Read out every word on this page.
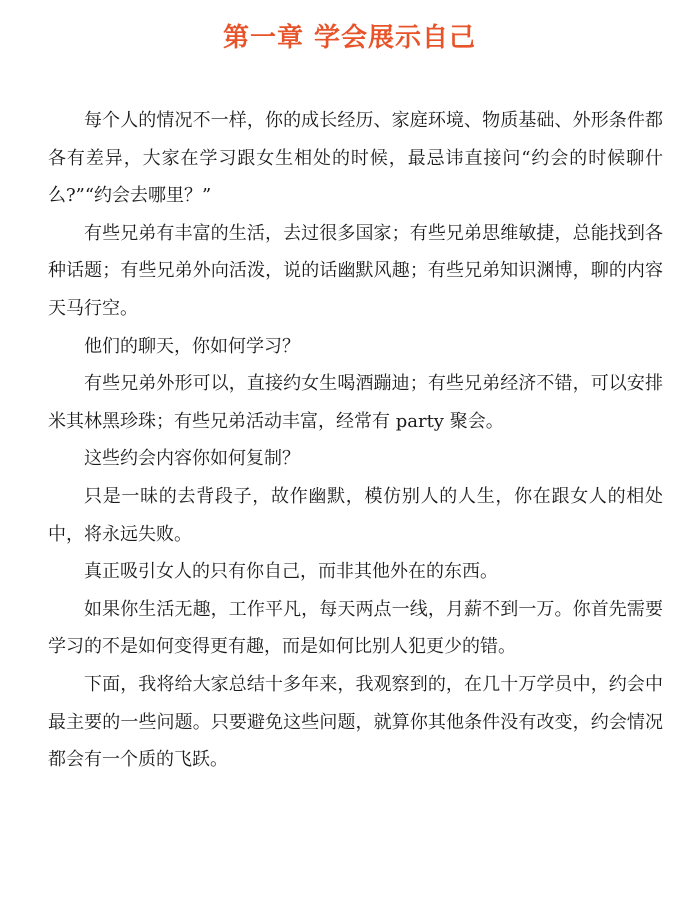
第一章 学会展示自己

每个人的情况不一样，你的成长经历、家庭环境、物质基础、外形条件都各有差异，大家在学习跟女生相处的时候，最忌讳直接问“约会的时候聊什么?”“约会去哪里？”

有些兄弟有丰富的生活，去过很多国家；有些兄弟思维敏捷，总能找到各种话题；有些兄弟外向活泼，说的话幽默风趣；有些兄弟知识渊博，聊的内容天马行空。

他们的聊天，你如何学习？

有些兄弟外形可以，直接约女生喝酒蹦迪；有些兄弟经济不错，可以安排米其林黑珍珠；有些兄弟活动丰富，经常有 party 聚会。

这些约会内容你如何复制？

只是一昧的去背段子，故作幽默，模仿别人的人生，你在跟女人的相处中，将永远失败。

真正吸引女人的只有你自己，而非其他外在的东西。

如果你生活无趣，工作平凡，每天两点一线，月薪不到一万。你首先需要学习的不是如何变得更有趣，而是如何比别人犯更少的错。

下面，我将给大家总结十多年来，我观察到的，在几十万学员中，约会中最主要的一些问题。只要避免这些问题，就算你其他条件没有改变，约会情况都会有一个质的飞跃。
